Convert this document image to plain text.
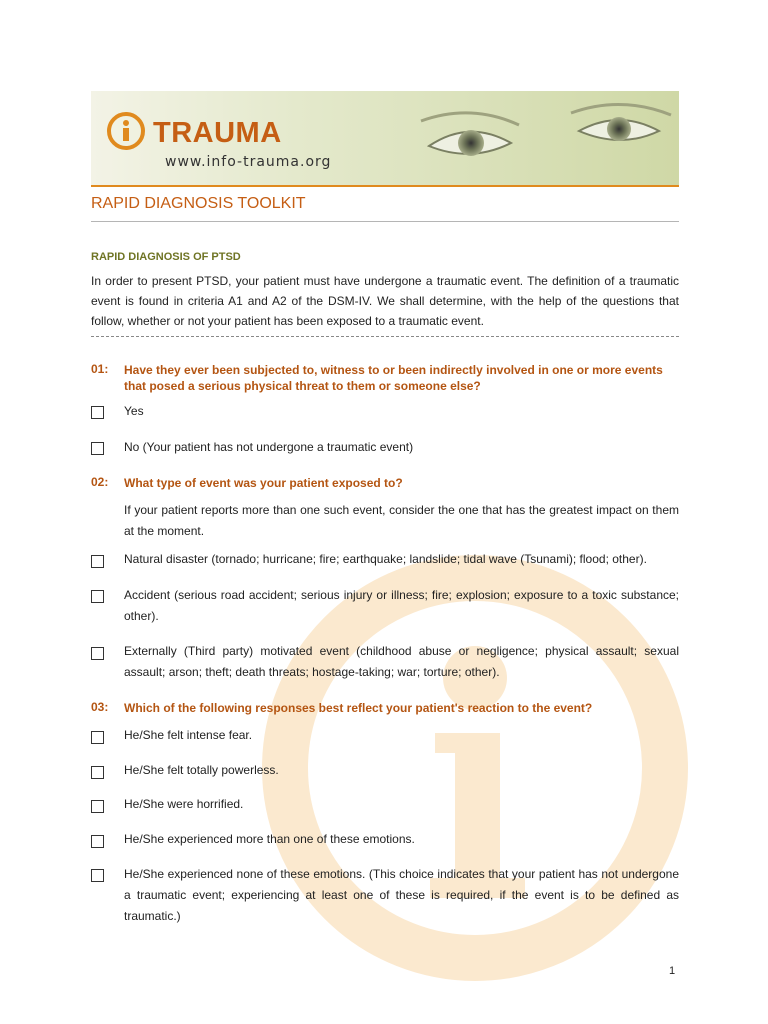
TRAUMA
www.info-trauma.org
RAPID DIAGNOSIS TOOLKIT
RAPID DIAGNOSIS OF PTSD
In order to present PTSD, your patient must have undergone a traumatic event. The definition of a traumatic event is found in criteria A1 and A2 of the DSM-IV. We shall determine, with the help of the questions that follow, whether or not your patient has been exposed to a traumatic event.
01: Have they ever been subjected to, witness to or been indirectly involved in one or more events that posed a serious physical threat to them or someone else?
Yes
No (Your patient has not undergone a traumatic event)
02: What type of event was your patient exposed to?
If your patient reports more than one such event, consider the one that has the greatest impact on them at the moment.
Natural disaster (tornado; hurricane; fire; earthquake; landslide; tidal wave (Tsunami); flood; other).
Accident (serious road accident; serious injury or illness; fire; explosion; exposure to a toxic substance; other).
Externally (Third party) motivated event (childhood abuse or negligence; physical assault; sexual assault; arson; theft; death threats; hostage-taking; war; torture; other).
03: Which of the following responses best reflect your patient's reaction to the event?
He/She felt intense fear.
He/She felt totally powerless.
He/She were horrified.
He/She experienced more than one of these emotions.
He/She experienced none of these emotions. (This choice indicates that your patient has not undergone a traumatic event; experiencing at least one of these is required, if the event is to be defined as traumatic.)
1
